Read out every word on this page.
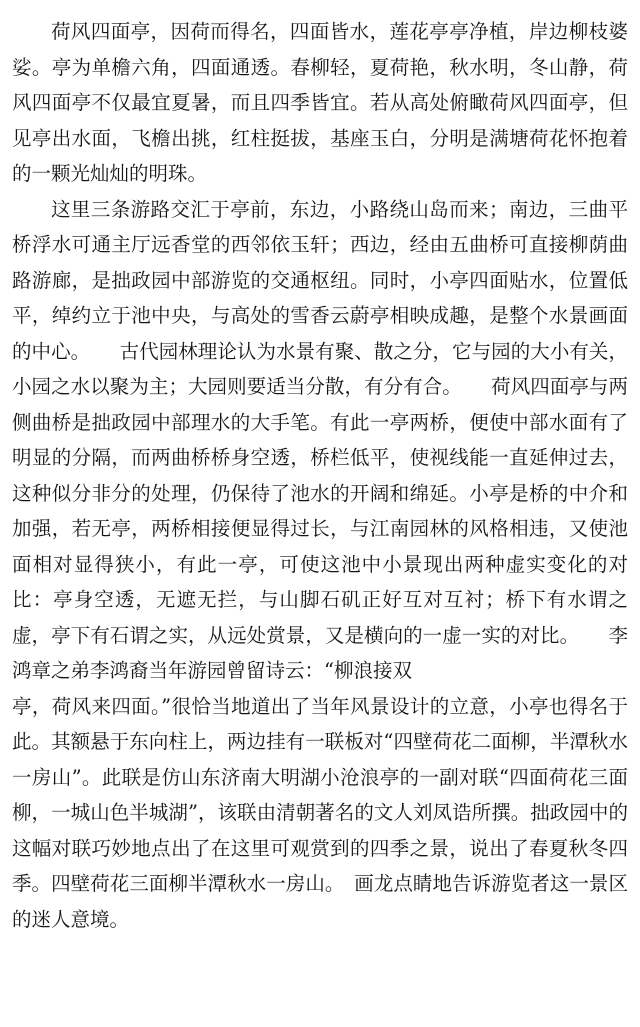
荷风四面亭，因荷而得名，四面皆水，莲花亭亭净植，岸边柳枝婆娑。亭为单檐六角，四面通透。春柳轻，夏荷艳，秋水明，冬山静，荷风四面亭不仅最宜夏暑，而且四季皆宜。若从高处俯瞰荷风四面亭，但见亭出水面，飞檐出挑，红柱挺拔，基座玉白，分明是满塘荷花怀抱着的一颗光灿灿的明珠。

这里三条游路交汇于亭前，东边，小路绕山岛而来；南边，三曲平桥浮水可通主厅远香堂的西邻依玉轩；西边，经由五曲桥可直接柳荫曲路游廊，是拙政园中部游览的交通枢纽。同时，小亭四面贴水，位置低平，绰约立于池中央，与高处的雪香云蔚亭相映成趣，是整个水景画面的中心。　　古代园林理论认为水景有聚、散之分，它与园的大小有关，小园之水以聚为主；大园则要适当分散，有分有合。　　荷风四面亭与两侧曲桥是拙政园中部理水的大手笔。有此一亭两桥，便使中部水面有了明显的分隔，而两曲桥桥身空透，桥栏低平，使视线能一直延伸过去，这种似分非分的处理，仍保待了池水的开阔和绵延。小亭是桥的中介和加强，若无亭，两桥相接便显得过长，与江南园林的风格相违，又使池面相对显得狭小，有此一亭，可使这池中小景现出两种虚实变化的对比：亭身空透，无遮无拦，与山脚石矶正好互对互衬；桥下有水谓之虚，亭下有石谓之实，从远处赏景，又是横向的一虚一实的对比。　　李鸿章之弟李鸿裔当年游园曾留诗云：“柳浪接双

亭，荷风来四面。”很恰当地道出了当年风景设计的立意，小亭也得名于此。其额悬于东向柱上，两边挂有一联板对“四壁荷花二面柳，半潭秋水一房山”。此联是仿山东济南大明湖小沧浪亭的一副对联“四面荷花三面柳，一城山色半城湖”，该联由清朝著名的文人刘凤诰所撰。拙政园中的这幅对联巧妙地点出了在这里可观赏到的四季之景，说出了春夏秋冬四季。四壁荷花三面柳半潭秋水一房山。　画龙点睛地告诉游览者这一景区的迷人意境。
